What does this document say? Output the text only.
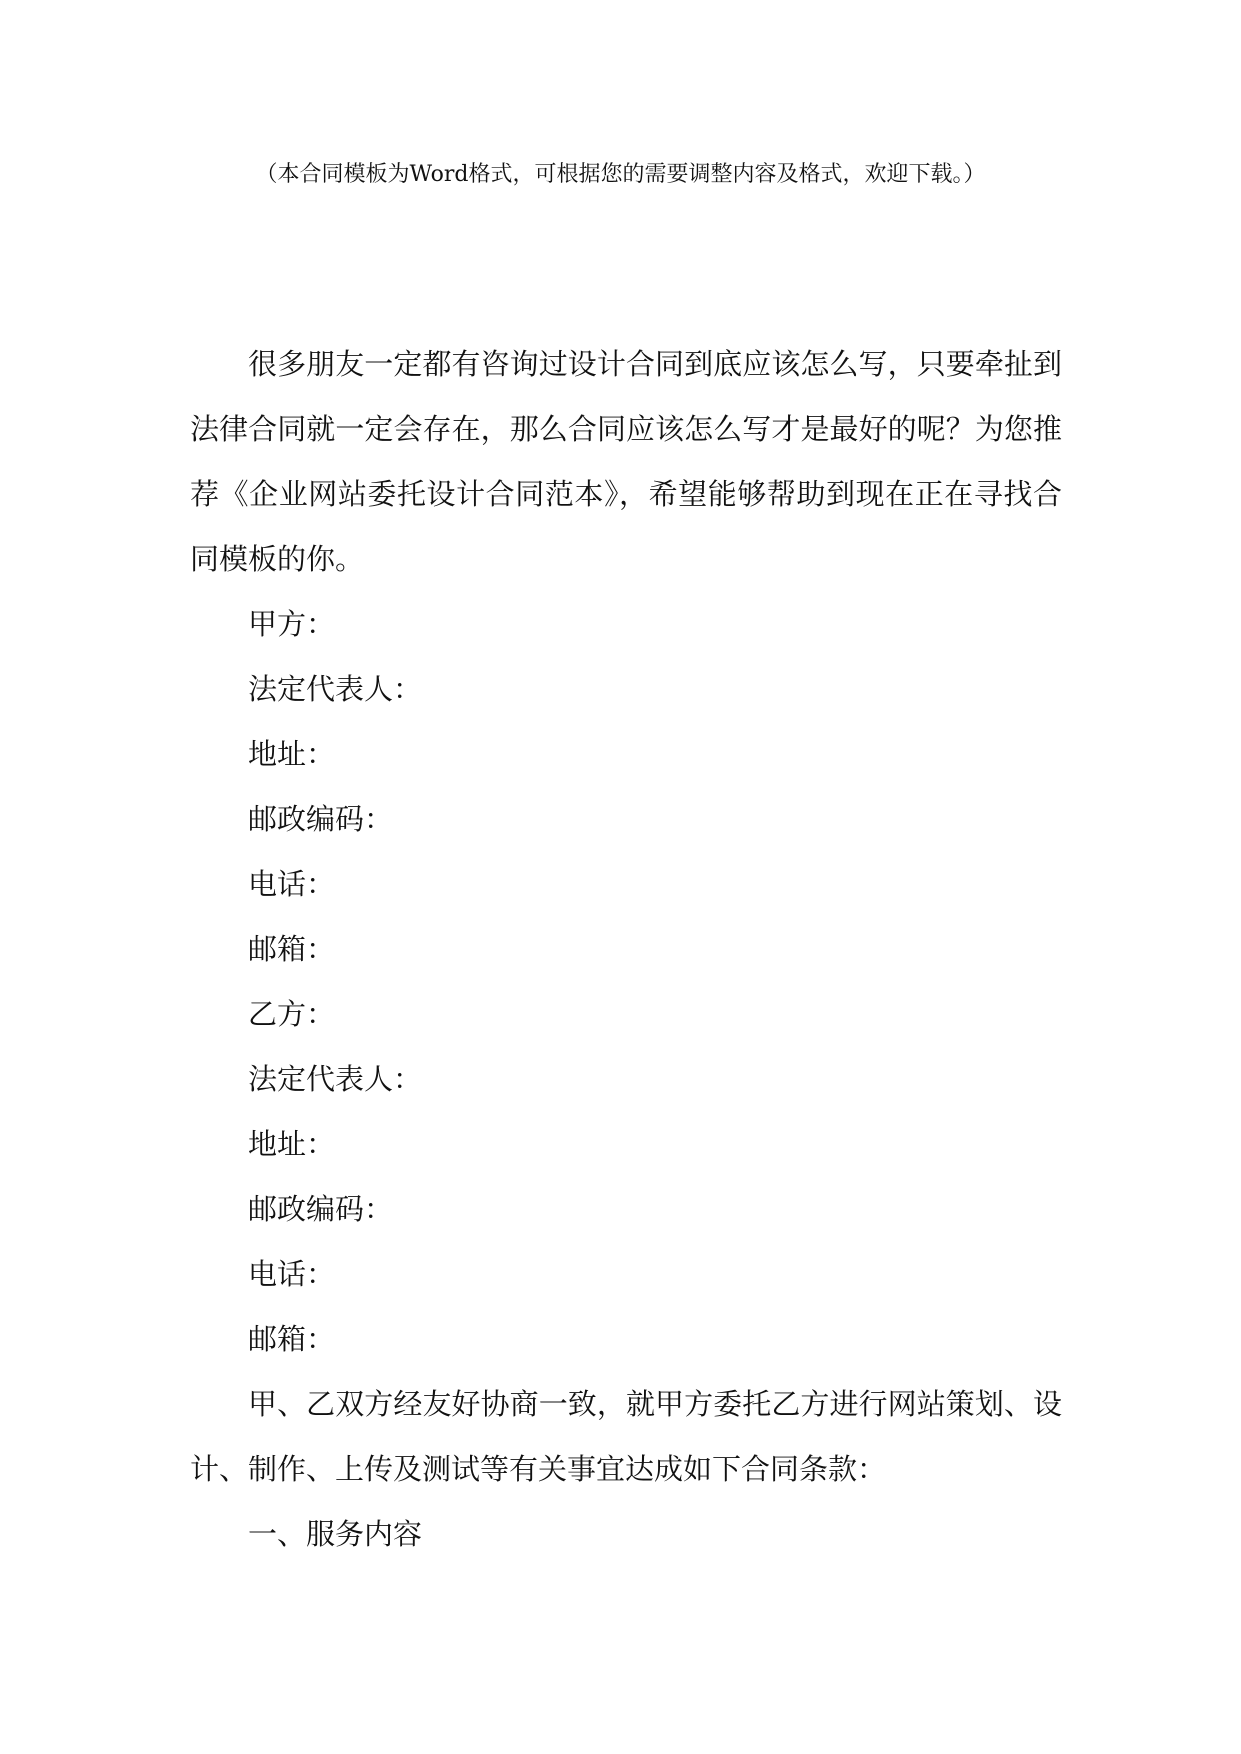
（本合同模板为Word格式，可根据您的需要调整内容及格式，欢迎下载。）

很多朋友一定都有咨询过设计合同到底应该怎么写，只要牵扯到法律合同就一定会存在，那么合同应该怎么写才是最好的呢？为您推荐《企业网站委托设计合同范本》，希望能够帮助到现在正在寻找合同模板的你。

甲方：

法定代表人：

地址：

邮政编码：

电话：

邮箱：

乙方：

法定代表人：

地址：

邮政编码：

电话：

邮箱：

甲、乙双方经友好协商一致，就甲方委托乙方进行网站策划、设计、制作、上传及测试等有关事宜达成如下合同条款：

一、服务内容
